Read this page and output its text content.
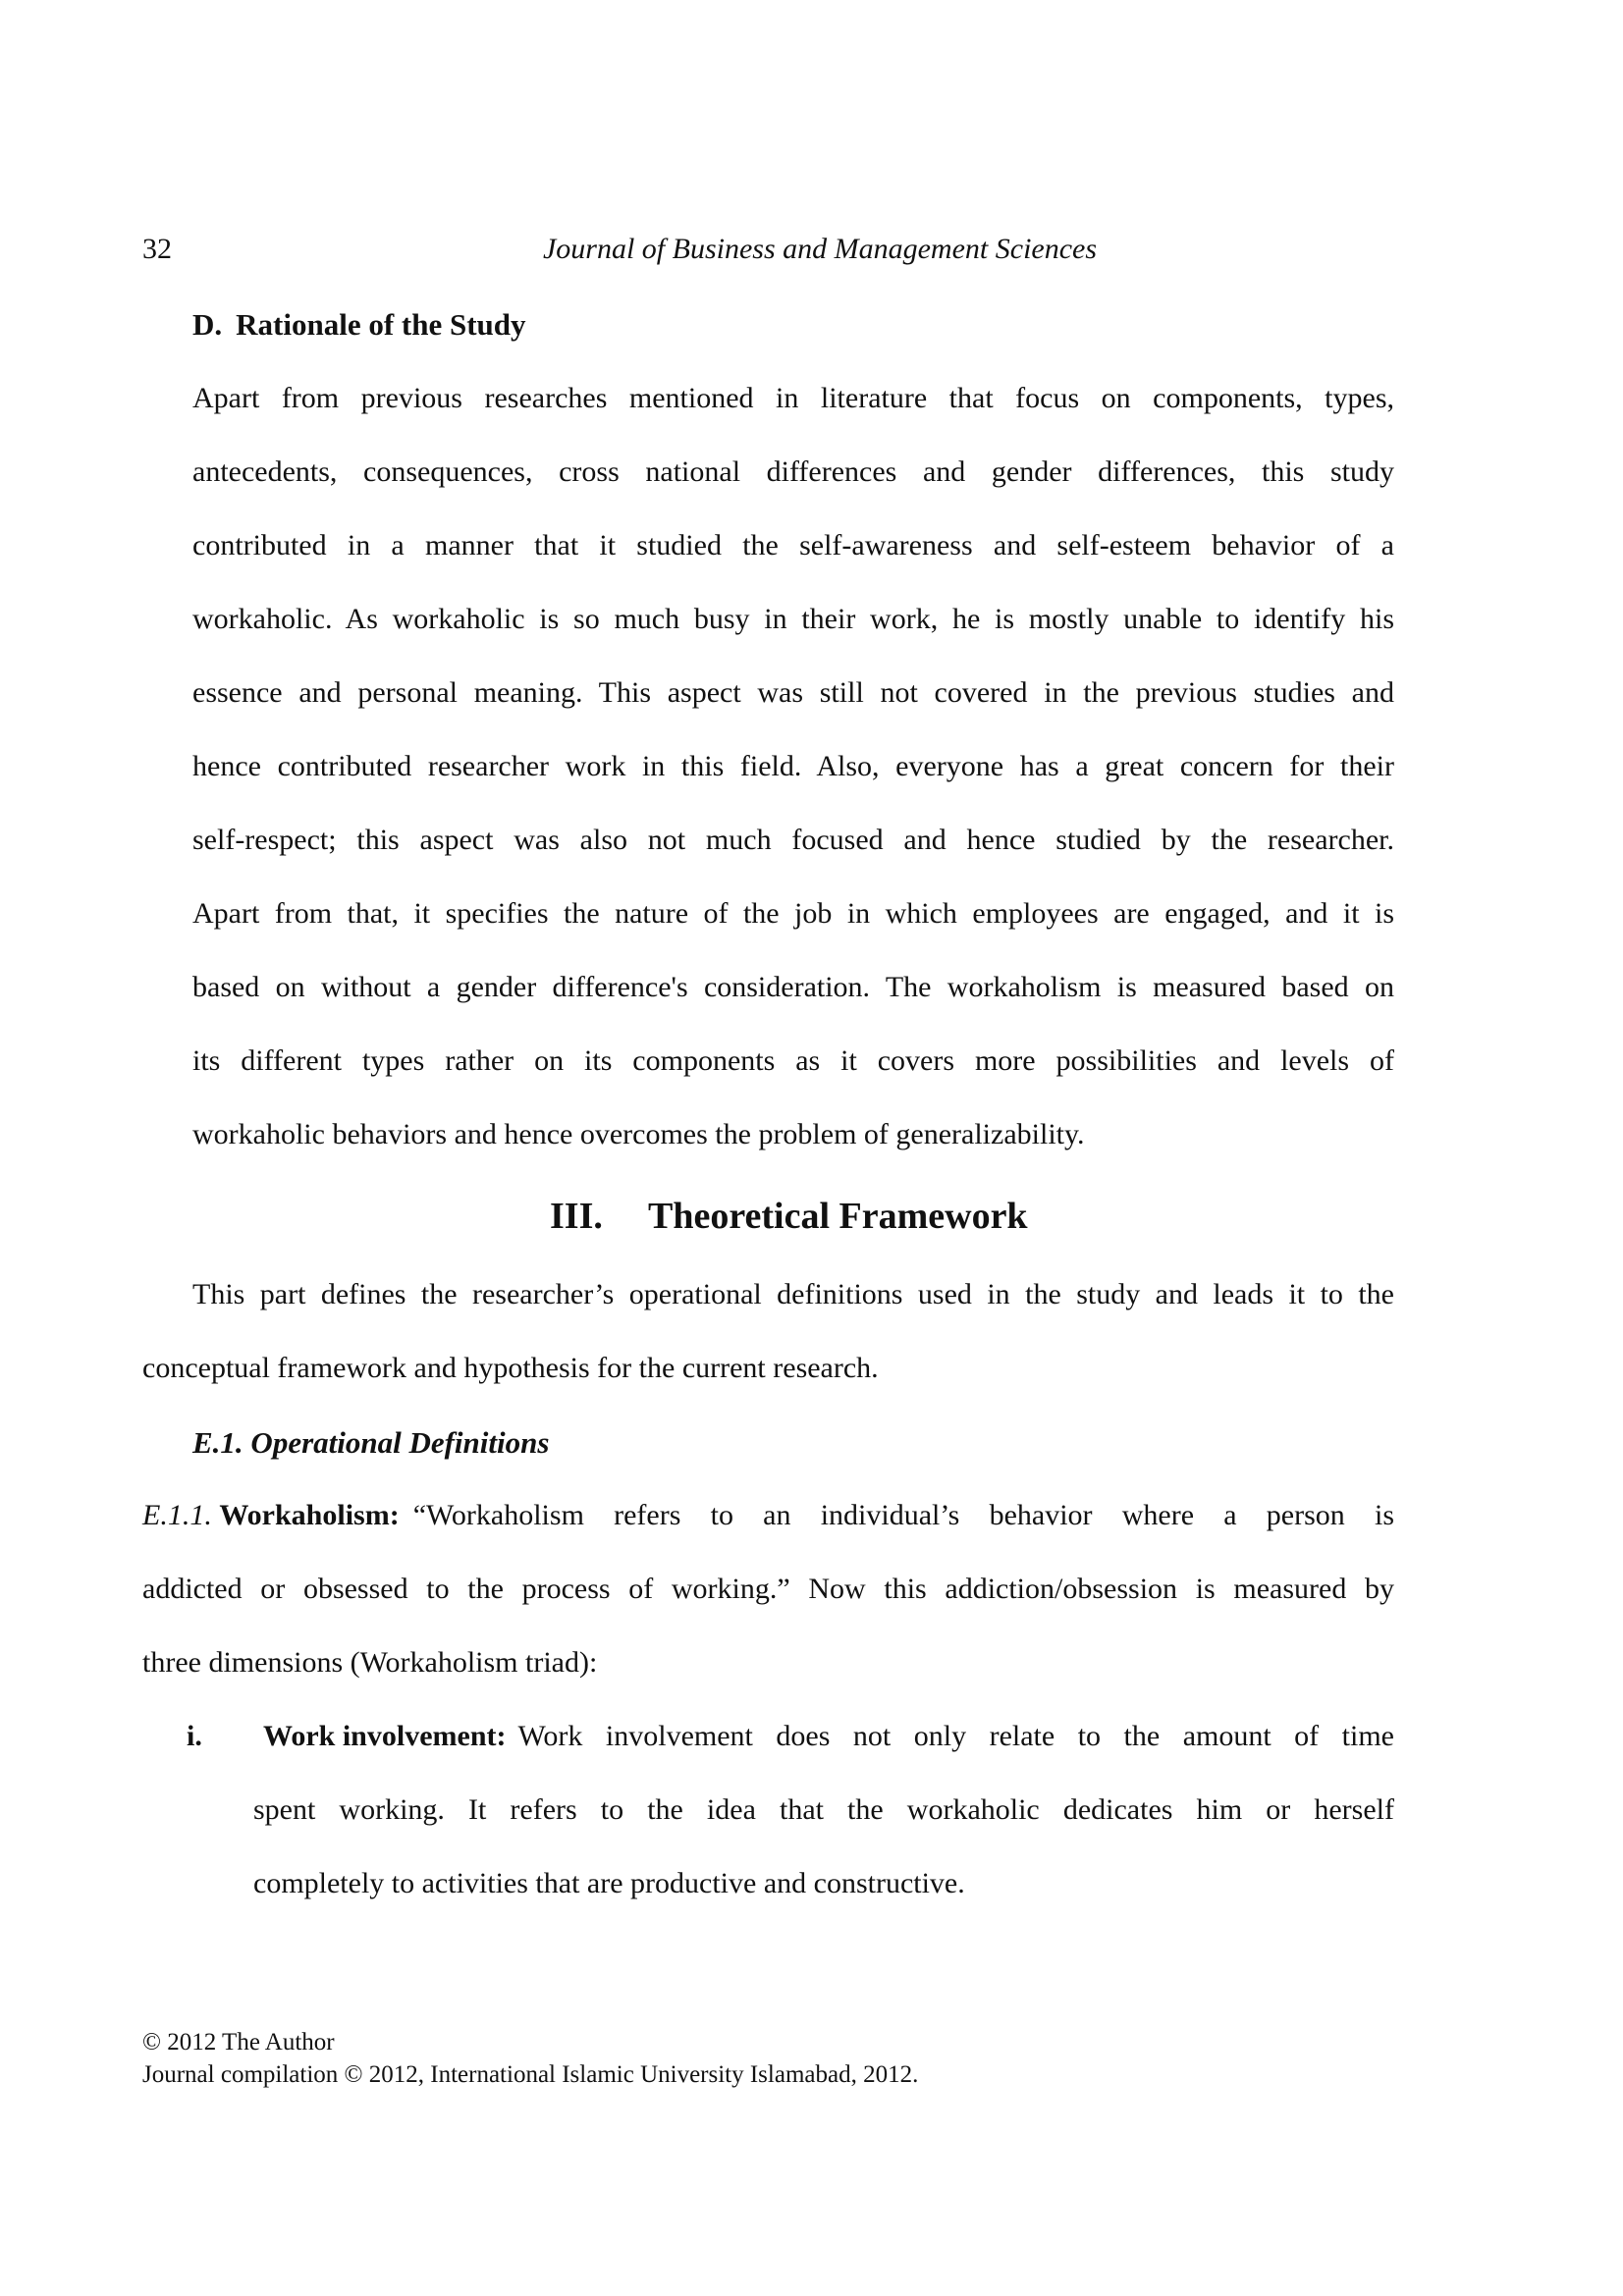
32	Journal of Business and Management Sciences
D. Rationale of the Study
Apart from previous researches mentioned in literature that focus on components, types,
antecedents, consequences, cross national differences and gender differences, this study
contributed in a manner that it studied the self-awareness and self-esteem behavior of a
workaholic. As workaholic is so much busy in their work, he is mostly unable to identify his
essence and personal meaning. This aspect was still not covered in the previous studies and
hence contributed researcher work in this field. Also, everyone has a great concern for their
self-respect; this aspect was also not much focused and hence studied by the researcher.
Apart from that, it specifies the nature of the job in which employees are engaged, and it is
based on without a gender difference's consideration. The workaholism is measured based on
its different types rather on its components as it covers more possibilities and levels of
workaholic behaviors and hence overcomes the problem of generalizability.
III. Theoretical Framework
This part defines the researcher’s operational definitions used in the study and leads it to the
conceptual framework and hypothesis for the current research.
E.1. Operational Definitions
E.1.1. Workaholism: “Workaholism refers to an individual’s behavior where a person is
addicted or obsessed to the process of working.” Now this addiction/obsession is measured by
three dimensions (Workaholism triad):
i.	Work involvement: Work involvement does not only relate to the amount of time
spent working. It refers to the idea that the workaholic dedicates him or herself
completely to activities that are productive and constructive.
© 2012 The Author
Journal compilation © 2012, International Islamic University Islamabad, 2012.
